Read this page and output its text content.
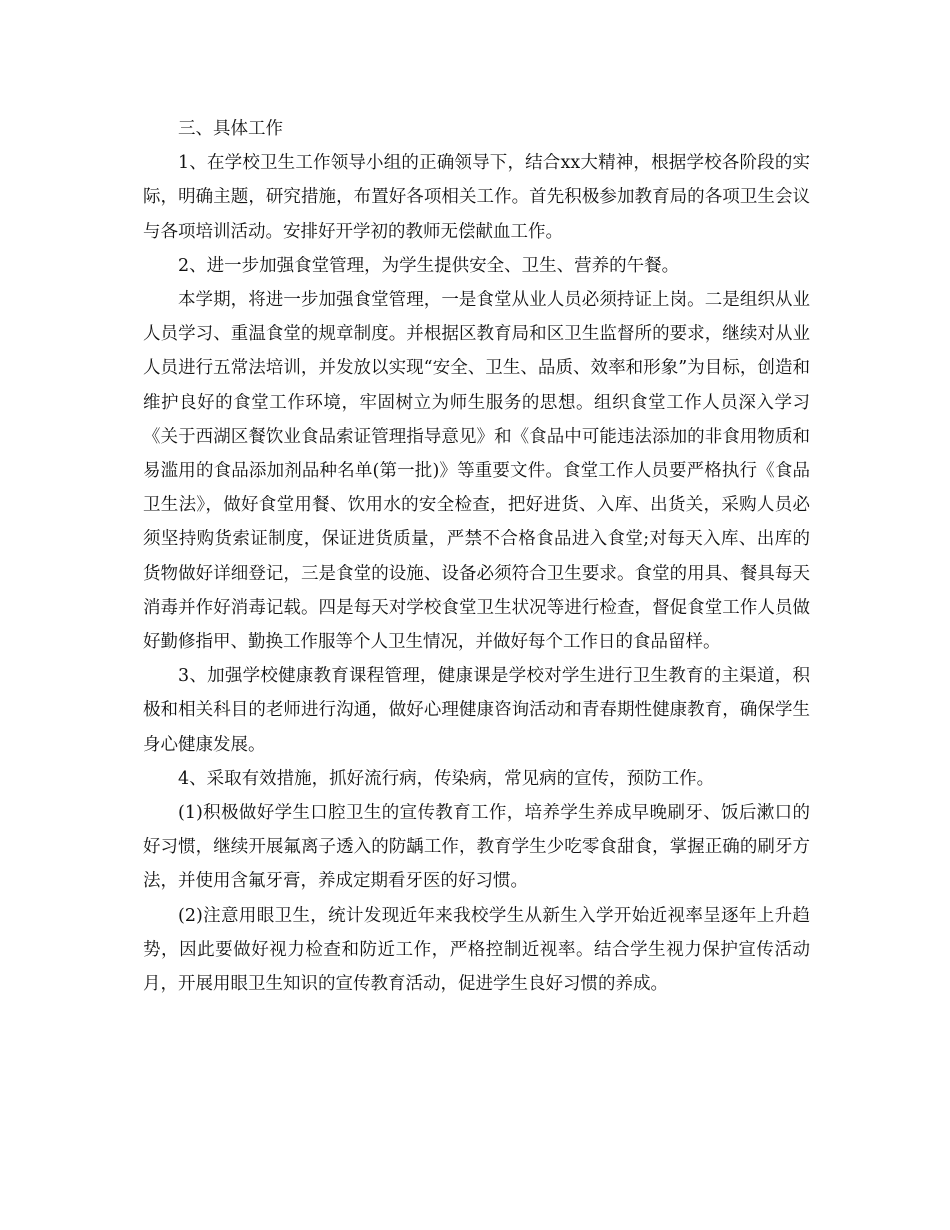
三、具体工作

1、在学校卫生工作领导小组的正确领导下，结合xx大精神，根据学校各阶段的实际，明确主题，研究措施，布置好各项相关工作。首先积极参加教育局的各项卫生会议与各项培训活动。安排好开学初的教师无偿献血工作。

2、进一步加强食堂管理，为学生提供安全、卫生、营养的午餐。

本学期，将进一步加强食堂管理，一是食堂从业人员必须持证上岗。二是组织从业人员学习、重温食堂的规章制度。并根据区教育局和区卫生监督所的要求，继续对从业人员进行五常法培训，并发放以实现“安全、卫生、品质、效率和形象”为目标，创造和维护良好的食堂工作环境，牢固树立为师生服务的思想。组织食堂工作人员深入学习《关于西湖区餐饮业食品索证管理指导意见》和《食品中可能违法添加的非食用物质和易滥用的食品添加剂品种名单(第一批)》等重要文件。食堂工作人员要严格执行《食品卫生法》，做好食堂用餐、饮用水的安全检查，把好进货、入库、出货关，采购人员必须坚持购货索证制度，保证进货质量，严禁不合格食品进入食堂;对每天入库、出库的货物做好详细登记，三是食堂的设施、设备必须符合卫生要求。食堂的用具、餐具每天消毒并作好消毒记载。四是每天对学校食堂卫生状况等进行检查，督促食堂工作人员做好勤修指甲、勤换工作服等个人卫生情况，并做好每个工作日的食品留样。

3、加强学校健康教育课程管理，健康课是学校对学生进行卫生教育的主渠道，积极和相关科目的老师进行沟通，做好心理健康咨询活动和青春期性健康教育，确保学生身心健康发展。

4、采取有效措施，抓好流行病，传染病，常见病的宣传，预防工作。

(1)积极做好学生口腔卫生的宣传教育工作，培养学生养成早晚刷牙、饭后漱口的好习惯，继续开展氟离子透入的防龋工作，教育学生少吃零食甜食，掌握正确的刷牙方法，并使用含氟牙膏，养成定期看牙医的好习惯。

(2)注意用眼卫生，统计发现近年来我校学生从新生入学开始近视率呈逐年上升趋势，因此要做好视力检查和防近工作，严格控制近视率。结合学生视力保护宣传活动月，开展用眼卫生知识的宣传教育活动，促进学生良好习惯的养成。
